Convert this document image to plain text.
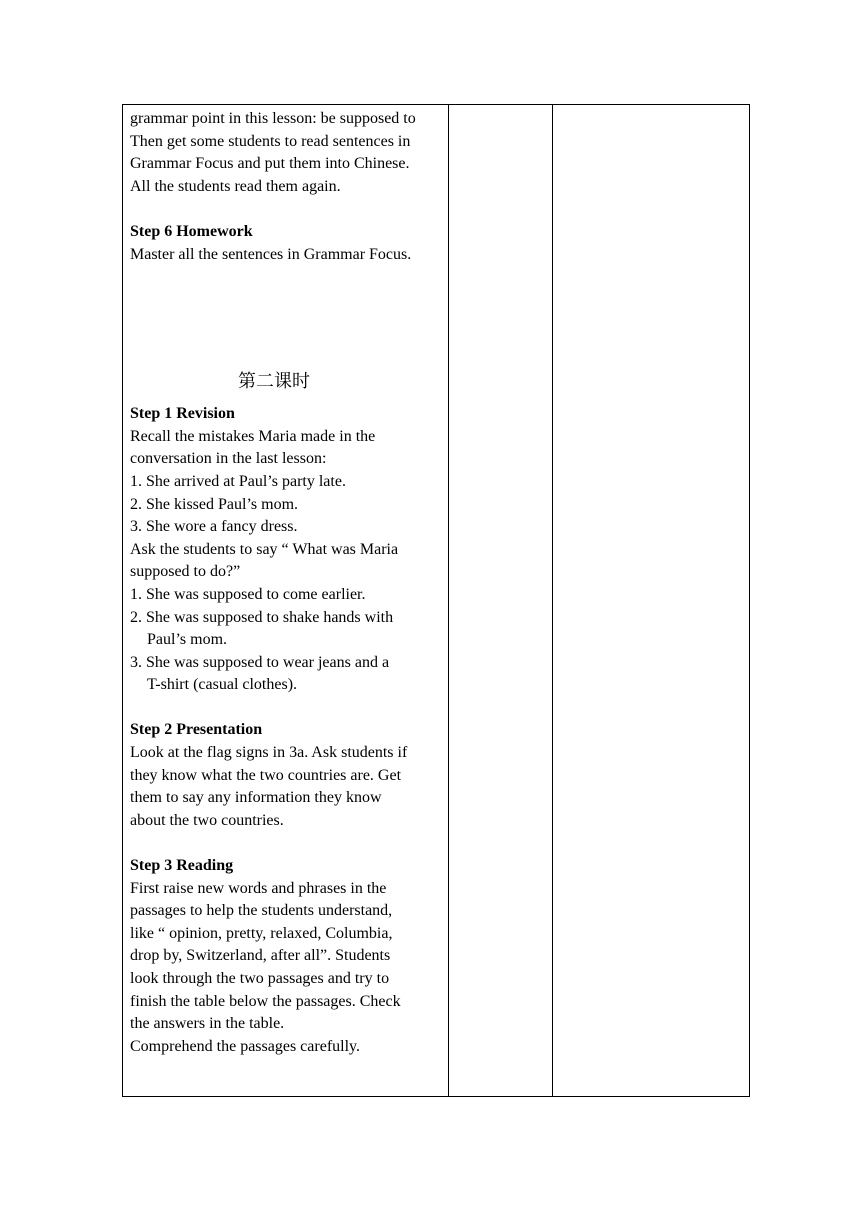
grammar point in this lesson: be supposed to
Then get some students to read sentences in
Grammar Focus and put them into Chinese.
All the students read them again.
Step 6 Homework
Master all the sentences in Grammar Focus.
第二课时
Step 1 Revision
Recall the mistakes Maria made in the
conversation in the last lesson:
1. She arrived at Paul’s party late.
2. She kissed Paul’s mom.
3. She wore a fancy dress.
Ask the students to say “ What was Maria
supposed to do?”
1. She was supposed to come earlier.
2. She was supposed to shake hands with
Paul’s mom.
3. She was supposed to wear jeans and a
T-shirt (casual clothes).
Step 2 Presentation
Look at the flag signs in 3a. Ask students if
they know what the two countries are. Get
them to say any information they know
about the two countries.
Step 3 Reading
First raise new words and phrases in the
passages to help the students understand,
like “ opinion, pretty, relaxed, Columbia,
drop by, Switzerland, after all”. Students
look through the two passages and try to
finish the table below the passages. Check
the answers in the table.
Comprehend the passages carefully.
